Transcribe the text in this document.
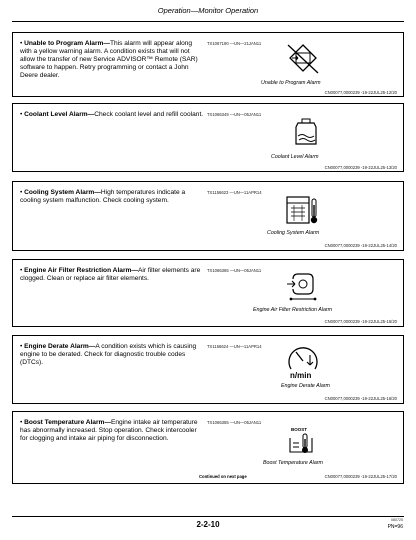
Operation—Monitor Operation
• Unable to Program Alarm—This alarm will appear along with a yellow warning alarm. A condition exists that will not allow the transfer of new Service ADVISOR™ Remote (SAR) software to happen. Retry programming or contact a John Deere dealer.
TX1067190 —UN—21JAN11
Unable to Program Alarm
CN00077,0000239 -19-22JUL25-12/20
• Coolant Level Alarm—Check coolant level and refill coolant. TX1066349 —UN—05JAN11
Coolant Level Alarm
CN00077,0000239 -19-22JUL25-13/20
• Cooling System Alarm—High temperatures indicate a cooling system malfunction. Check cooling system.
TX1156623 —UN—11APR14
Cooling System Alarm
CN00077,0000239 -19-22JUL25-14/20
• Engine Air Filter Restriction Alarm—Air filter elements are clogged. Clean or replace air filter elements.
TX1066365 —UN—05JAN11
Engine Air Filter Restriction Alarm
CN00077,0000239 -19-22JUL25-15/20
• Engine Derate Alarm—A condition exists which is causing engine to be derated. Check for diagnostic trouble codes (DTCs).
TX1156624 —UN—11APR14
n/min
Engine Derate Alarm
CN00077,0000239 -19-22JUL25-16/20
• Boost Temperature Alarm—Engine intake air temperature has abnormally increased. Stop operation. Check intercooler for clogging and intake air piping for disconnection.
TX1066355 —UN—05JAN11
BOOST
Boost Temperature Alarm
Continued on next page	CN00077,0000239 -19-22JUL25-17/20
2-2-10	080725
PN=96
